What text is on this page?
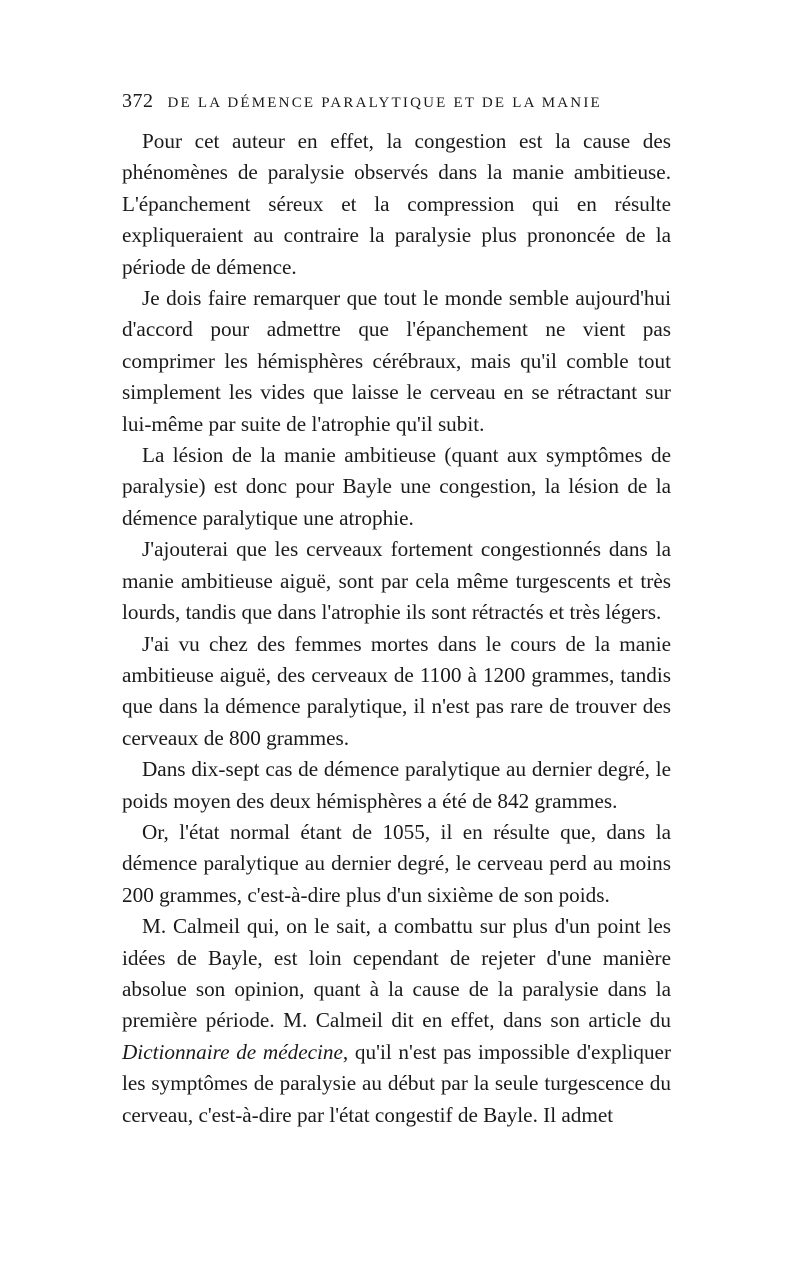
372 DE LA DÉMENCE PARALYTIQUE ET DE LA MANIE

Pour cet auteur en effet, la congestion est la cause des phénomènes de paralysie observés dans la manie ambitieuse. L'épanchement séreux et la compression qui en résulte expliqueraient au contraire la paralysie plus prononcée de la période de démence.

Je dois faire remarquer que tout le monde semble aujourd'hui d'accord pour admettre que l'épanchement ne vient pas comprimer les hémisphères cérébraux, mais qu'il comble tout simplement les vides que laisse le cerveau en se rétractant sur lui-même par suite de l'atrophie qu'il subit.

La lésion de la manie ambitieuse (quant aux symptômes de paralysie) est donc pour Bayle une congestion, la lésion de la démence paralytique une atrophie.

J'ajouterai que les cerveaux fortement congestionnés dans la manie ambitieuse aiguë, sont par cela même turgescents et très lourds, tandis que dans l'atrophie ils sont rétractés et très légers.

J'ai vu chez des femmes mortes dans le cours de la manie ambitieuse aiguë, des cerveaux de 1100 à 1200 grammes, tandis que dans la démence paralytique, il n'est pas rare de trouver des cerveaux de 800 grammes.

Dans dix-sept cas de démence paralytique au dernier degré, le poids moyen des deux hémisphères a été de 842 grammes.

Or, l'état normal étant de 1055, il en résulte que, dans la démence paralytique au dernier degré, le cerveau perd au moins 200 grammes, c'est-à-dire plus d'un sixième de son poids.

M. Calmeil qui, on le sait, a combattu sur plus d'un point les idées de Bayle, est loin cependant de rejeter d'une manière absolue son opinion, quant à la cause de la paralysie dans la première période. M. Calmeil dit en effet, dans son article du Dictionnaire de médecine, qu'il n'est pas impossible d'expliquer les symptômes de paralysie au début par la seule turgescence du cerveau, c'est-à-dire par l'état congestif de Bayle. Il admet
